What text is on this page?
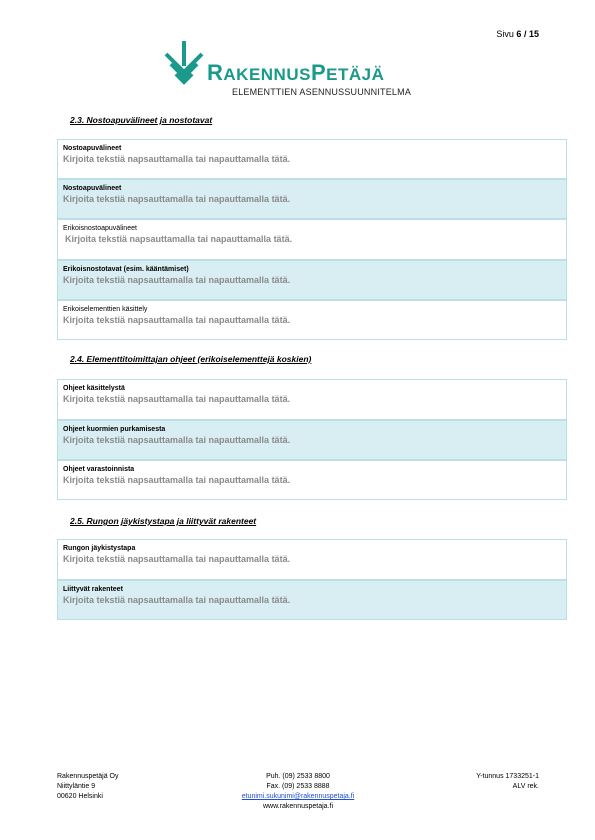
Sivu 6 / 15
RAKENNUSPETÄJÄ
ELEMENTTIEN ASENNUSSUUNNITELMA
2.3. Nostoapuvälineet ja nostotavat
Nostoapuvälineet
Kirjoita tekstiä napsauttamalla tai napauttamalla tätä.
Nostoapuvälineet
Kirjoita tekstiä napsauttamalla tai napauttamalla tätä.
Erikoisnostoapuvälineet
Kirjoita tekstiä napsauttamalla tai napauttamalla tätä.
Erikoisnostotavat (esim. kääntämiset)
Kirjoita tekstiä napsauttamalla tai napauttamalla tätä.
Erikoiselementtien käsittely
Kirjoita tekstiä napsauttamalla tai napauttamalla tätä.
2.4. Elementtitoimittajan ohjeet (erikoiselementtejä koskien)
Ohjeet käsittelystä
Kirjoita tekstiä napsauttamalla tai napauttamalla tätä.
Ohjeet kuormien purkamisesta
Kirjoita tekstiä napsauttamalla tai napauttamalla tätä.
Ohjeet varastoinnista
Kirjoita tekstiä napsauttamalla tai napauttamalla tätä.
2.5. Rungon jäykistystapa ja liittyvät rakenteet
Rungon jäykistystapa
Kirjoita tekstiä napsauttamalla tai napauttamalla tätä.
Liittyvät rakenteet
Kirjoita tekstiä napsauttamalla tai napauttamalla tätä.
Rakennuspetäjä Oy
Niittyläntie 9
00620 Helsinki
Puh. (09) 2533 8800
Fax. (09) 2533 8888
etunimi.sukunimi@rakennuspetaja.fi
www.rakennuspetaja.fi
Y-tunnus 1733251-1
ALV rek.
